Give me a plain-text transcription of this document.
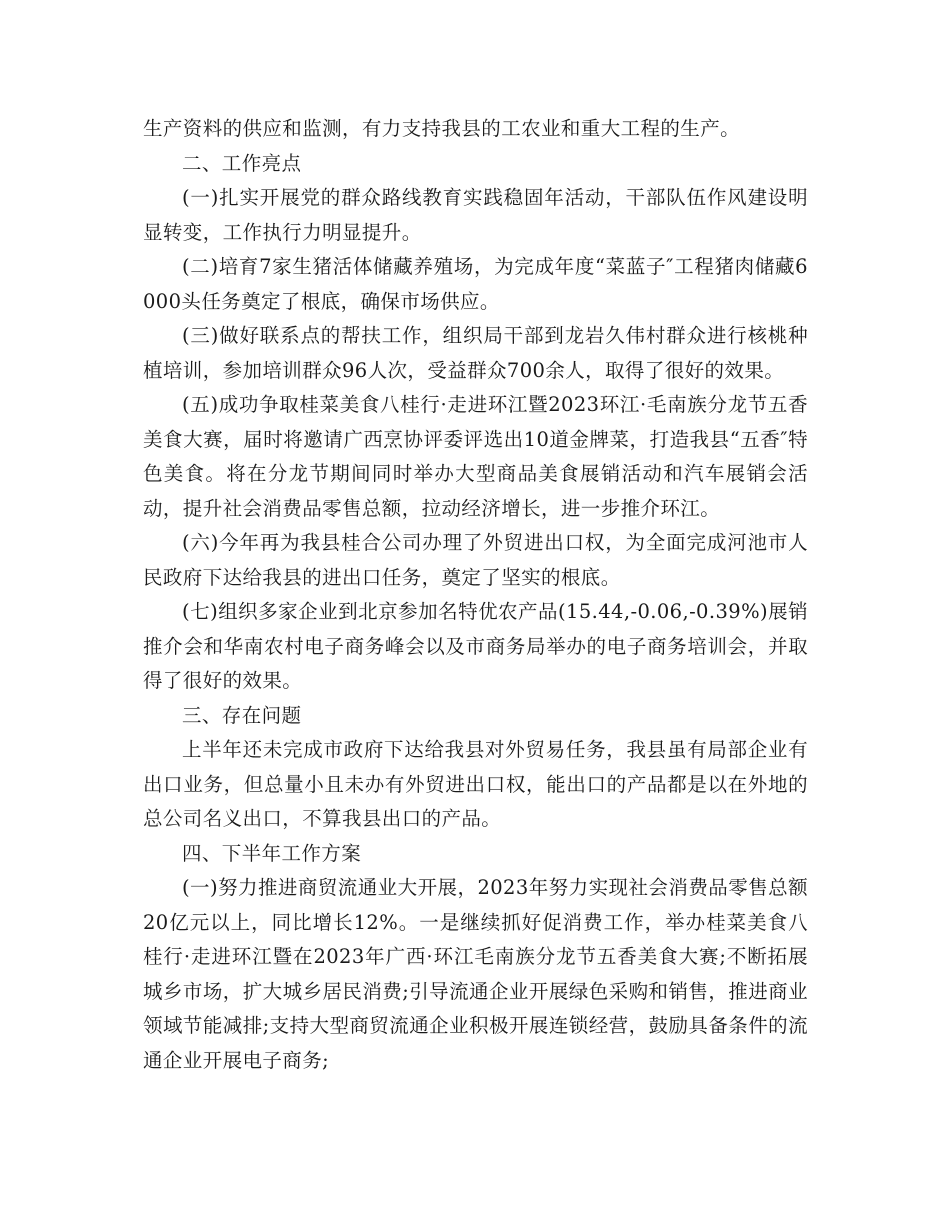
生产资料的供应和监测，有力支持我县的工农业和重大工程的生产。

二、工作亮点

(一)扎实开展党的群众路线教育实践稳固年活动，干部队伍作风建设明显转变，工作执行力明显提升。

(二)培育7家生猪活体储藏养殖场，为完成年度“菜蓝子″工程猪肉储藏6000头任务奠定了根底，确保市场供应。

(三)做好联系点的帮扶工作，组织局干部到龙岩久伟村群众进行核桃种植培训，参加培训群众96人次，受益群众700余人，取得了很好的效果。

(五)成功争取桂菜美食八桂行·走进环江暨2023环江·毛南族分龙节五香美食大赛，届时将邀请广西烹协评委评选出10道金牌菜，打造我县“五香″特色美食。将在分龙节期间同时举办大型商品美食展销活动和汽车展销会活动，提升社会消费品零售总额，拉动经济增长，进一步推介环江。

(六)今年再为我县桂合公司办理了外贸进出口权，为全面完成河池市人民政府下达给我县的进出口任务，奠定了坚实的根底。

(七)组织多家企业到北京参加名特优农产品(15.44,-0.06,-0.39%)展销推介会和华南农村电子商务峰会以及市商务局举办的电子商务培训会，并取得了很好的效果。

三、存在问题

上半年还未完成市政府下达给我县对外贸易任务，我县虽有局部企业有出口业务，但总量小且未办有外贸进出口权，能出口的产品都是以在外地的总公司名义出口，不算我县出口的产品。

四、下半年工作方案

(一)努力推进商贸流通业大开展，2023年努力实现社会消费品零售总额20亿元以上，同比增长12%。一是继续抓好促消费工作，举办桂菜美食八桂行·走进环江暨在2023年广西·环江毛南族分龙节五香美食大赛;不断拓展城乡市场，扩大城乡居民消费;引导流通企业开展绿色采购和销售，推进商业领域节能减排;支持大型商贸流通企业积极开展连锁经营，鼓励具备条件的流通企业开展电子商务;
